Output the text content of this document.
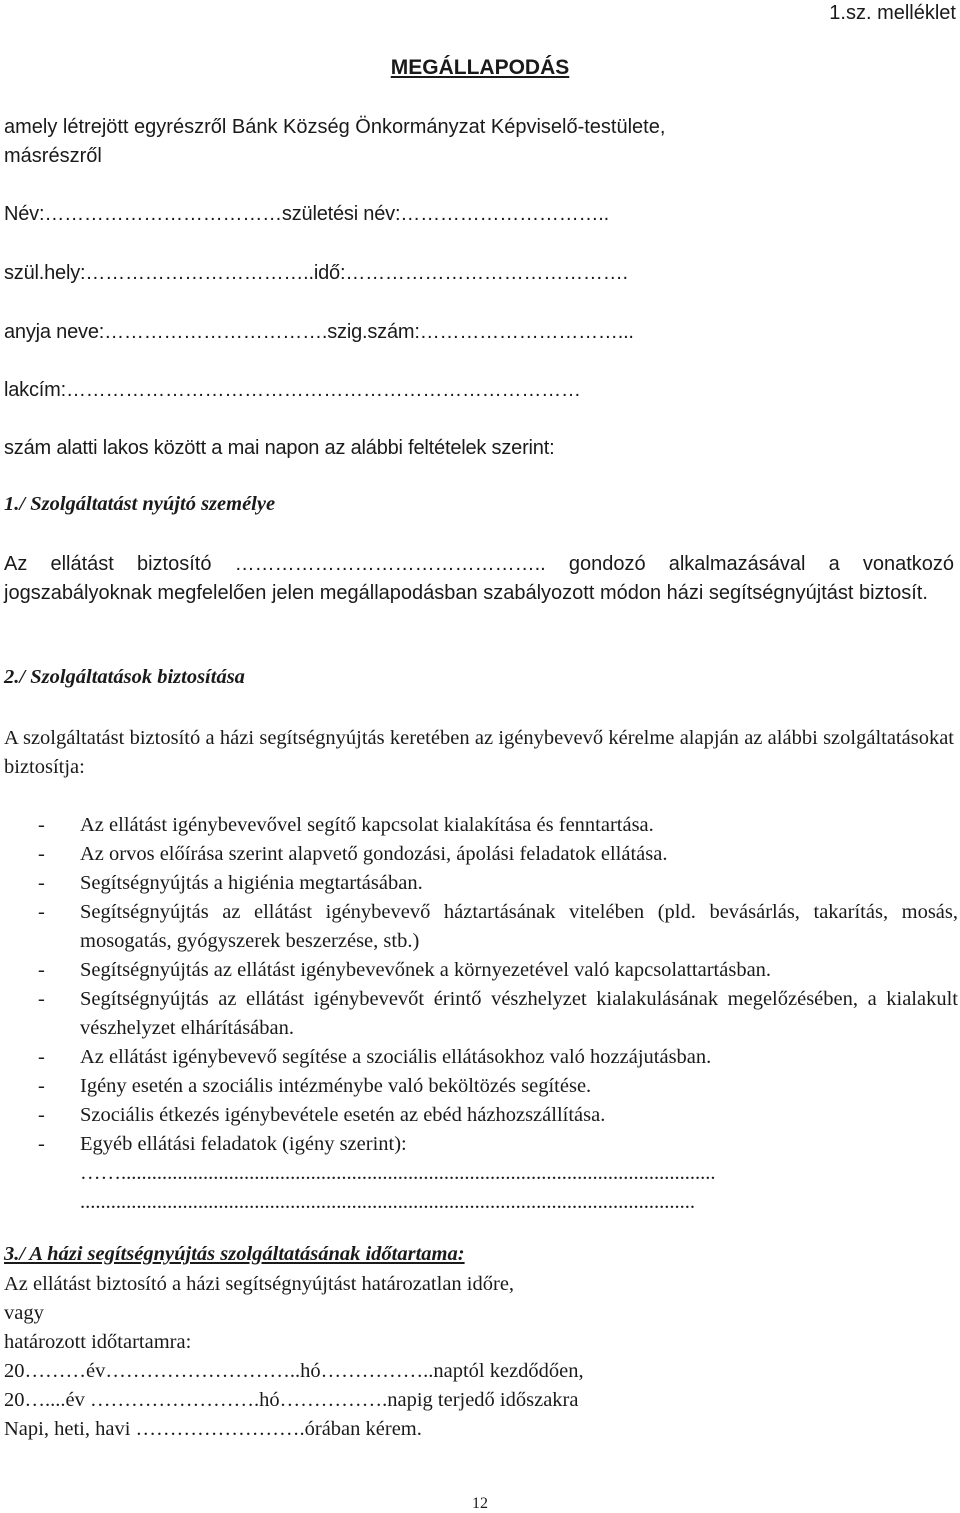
1.sz. melléklet
MEGÁLLAPODÁS
amely létrejött egyrészről Bánk Község Önkormányzat Képviselő-testülete,
másrészről
Név:………………………………születési név:…………………………..
szül.hely:……………………………..idő:…………………………………….
anyja neve:…………………………….szig.szám:…………………………...
lakcím:……………………………………………………………………
szám alatti lakos között a mai napon az alábbi feltételek szerint:
1./ Szolgáltatást nyújtó személye
Az ellátást biztosító ……………………………………….. gondozó alkalmazásával a vonatkozó jogszabályoknak megfelelően jelen megállapodásban szabályozott módon házi segítségnyújtást biztosít.
2./ Szolgáltatások biztosítása
A szolgáltatást biztosító a házi segítségnyújtás keretében az igénybevevő kérelme alapján az alábbi szolgáltatásokat biztosítja:
- Az ellátást igénybevevővel segítő kapcsolat kialakítása és fenntartása.
- Az orvos előírása szerint alapvető gondozási, ápolási feladatok ellátása.
- Segítségnyújtás a higiénia megtartásában.
- Segítségnyújtás az ellátást igénybevevő háztartásának vitelében (pld. bevásárlás, takarítás, mosás, mosogatás, gyógyszerek beszerzése, stb.)
- Segítségnyújtás az ellátást igénybevevőnek a környezetével való kapcsolattartásban.
- Segítségnyújtás az ellátást igénybevevőt érintő vészhelyzet kialakulásának megelőzésében, a kialakult vészhelyzet elhárításában.
- Az ellátást igénybevevő segítése a szociális ellátásokhoz való hozzájutásban.
- Igény esetén a szociális intézménybe való beköltözés segítése.
- Szociális étkezés igénybevétele esetén az ebéd házhozszállítása.
- Egyéb ellátási feladatok (igény szerint):
……....................................................................................................................
........................................................................................................................
3./ A házi segítségnyújtás szolgáltatásának időtartama:
Az ellátást biztosító a házi segítségnyújtást határozatlan időre,
vagy
határozott időtartamra:
20………év………………………..hó……………..naptól kezdődően,
20…....év …………………….hó…………….napig terjedő időszakra
Napi, heti, havi …………………….órában kérem.
12
